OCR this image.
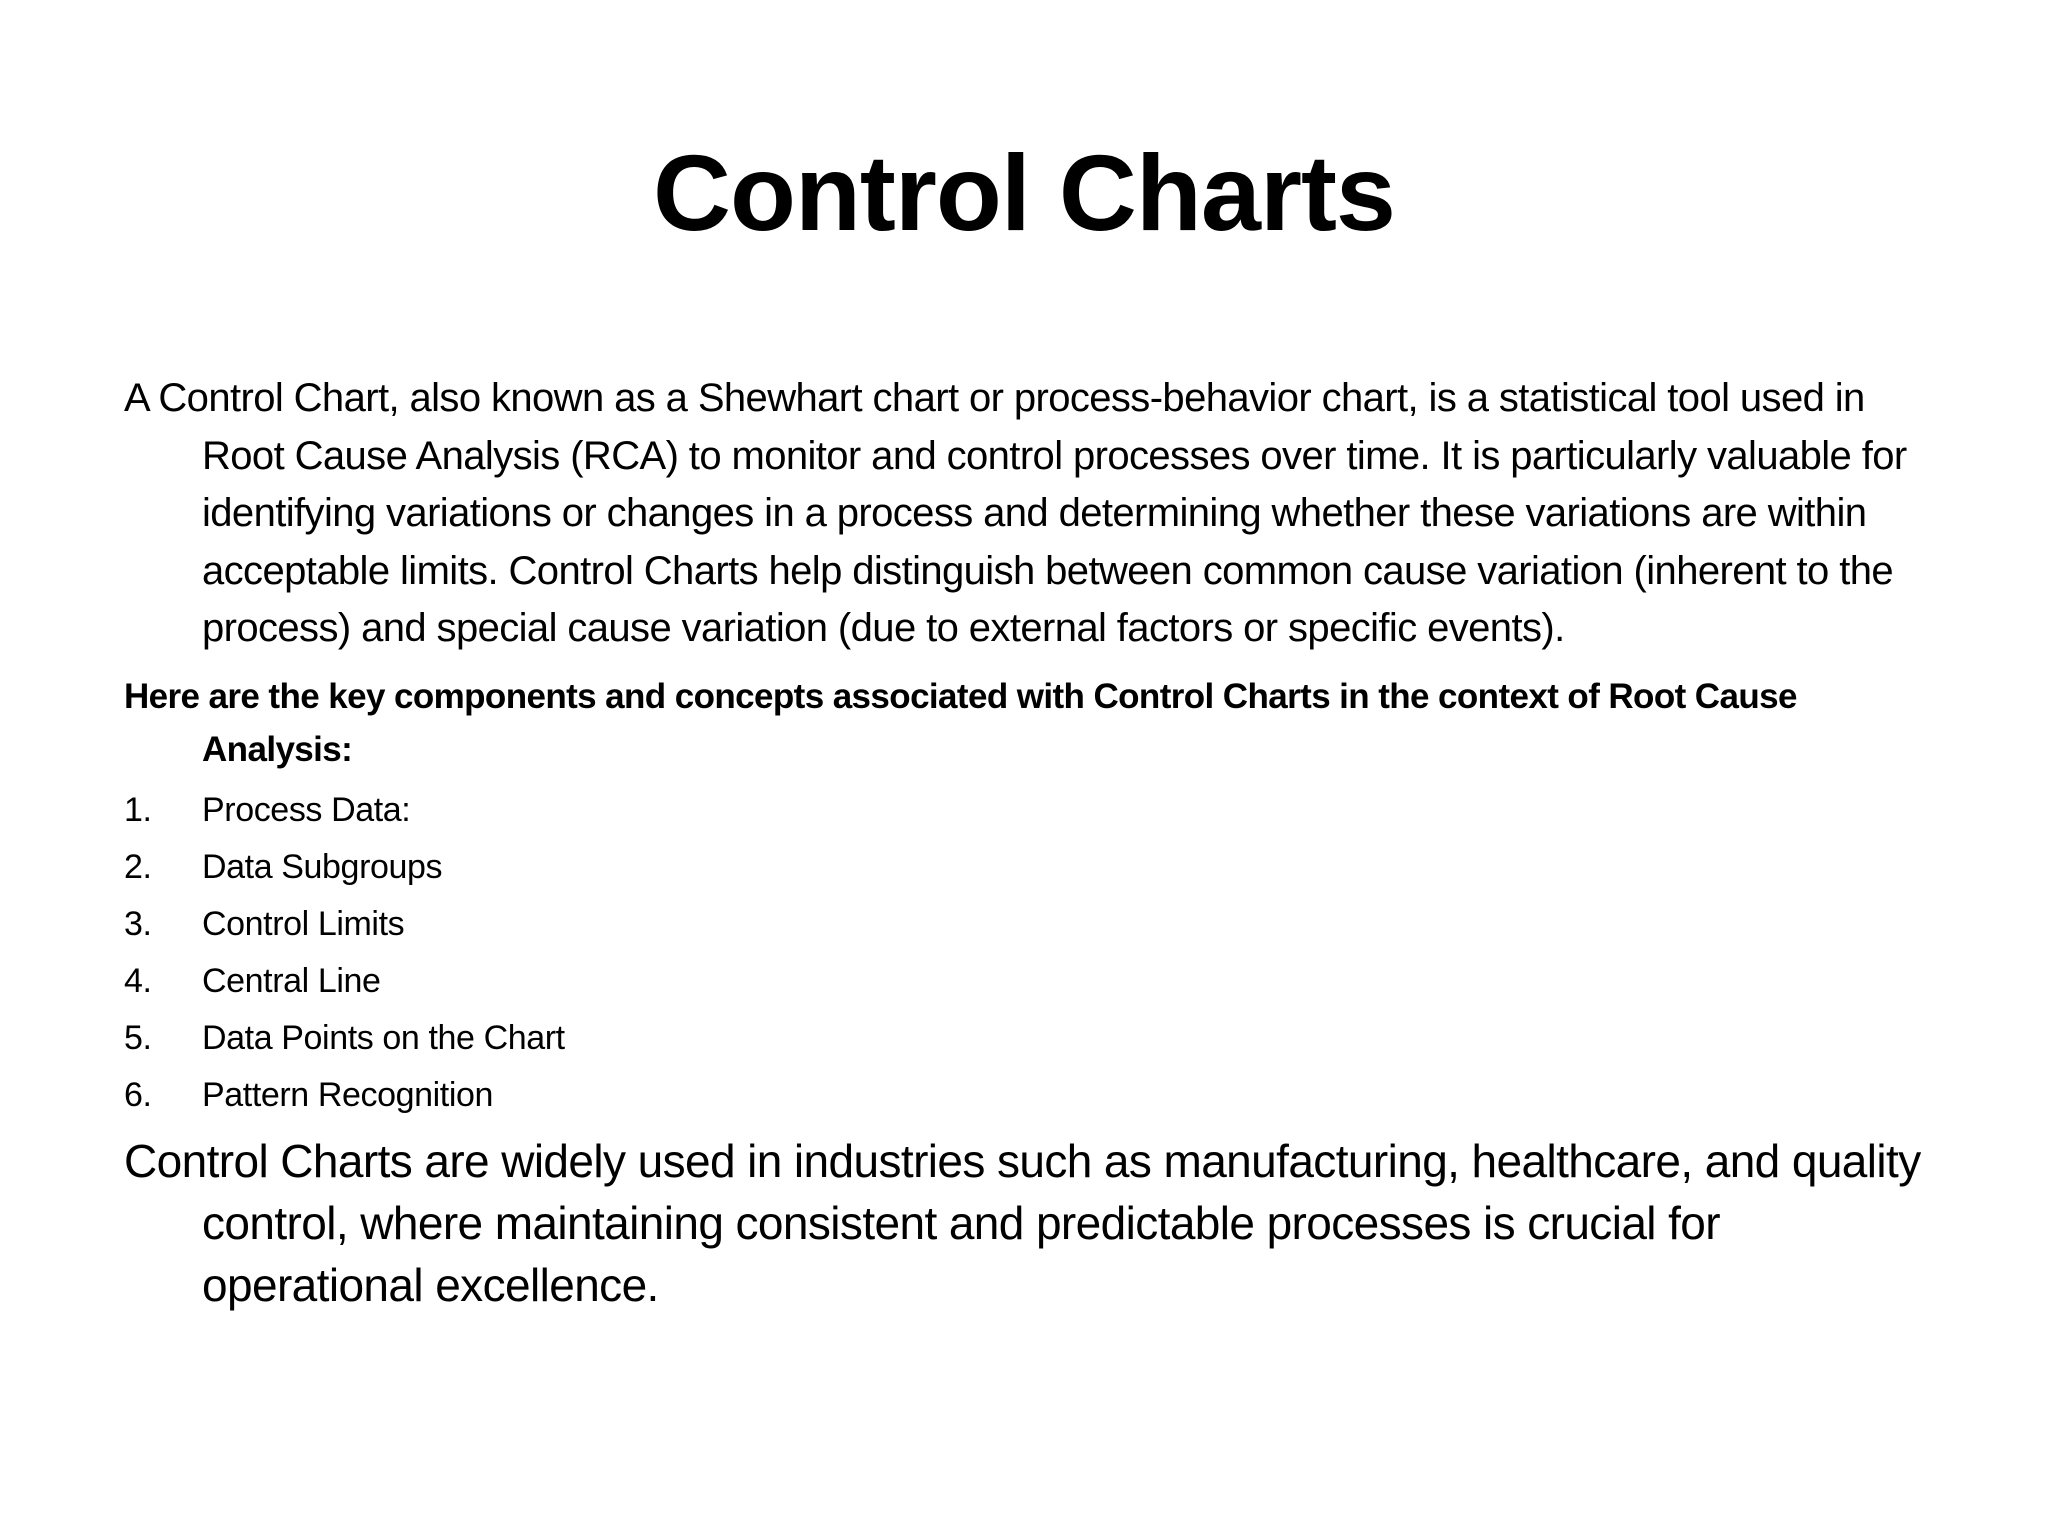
Control Charts

A Control Chart, also known as a Shewhart chart or process-behavior chart, is a statistical tool used in Root Cause Analysis (RCA) to monitor and control processes over time. It is particularly valuable for identifying variations or changes in a process and determining whether these variations are within acceptable limits. Control Charts help distinguish between common cause variation (inherent to the process) and special cause variation (due to external factors or specific events).

Here are the key components and concepts associated with Control Charts in the context of Root Cause Analysis:

1.	Process Data:
2.	Data Subgroups
3.	Control Limits
4.	Central Line
5.	Data Points on the Chart
6.	Pattern Recognition

Control Charts are widely used in industries such as manufacturing, healthcare, and quality control, where maintaining consistent and predictable processes is crucial for operational excellence.
